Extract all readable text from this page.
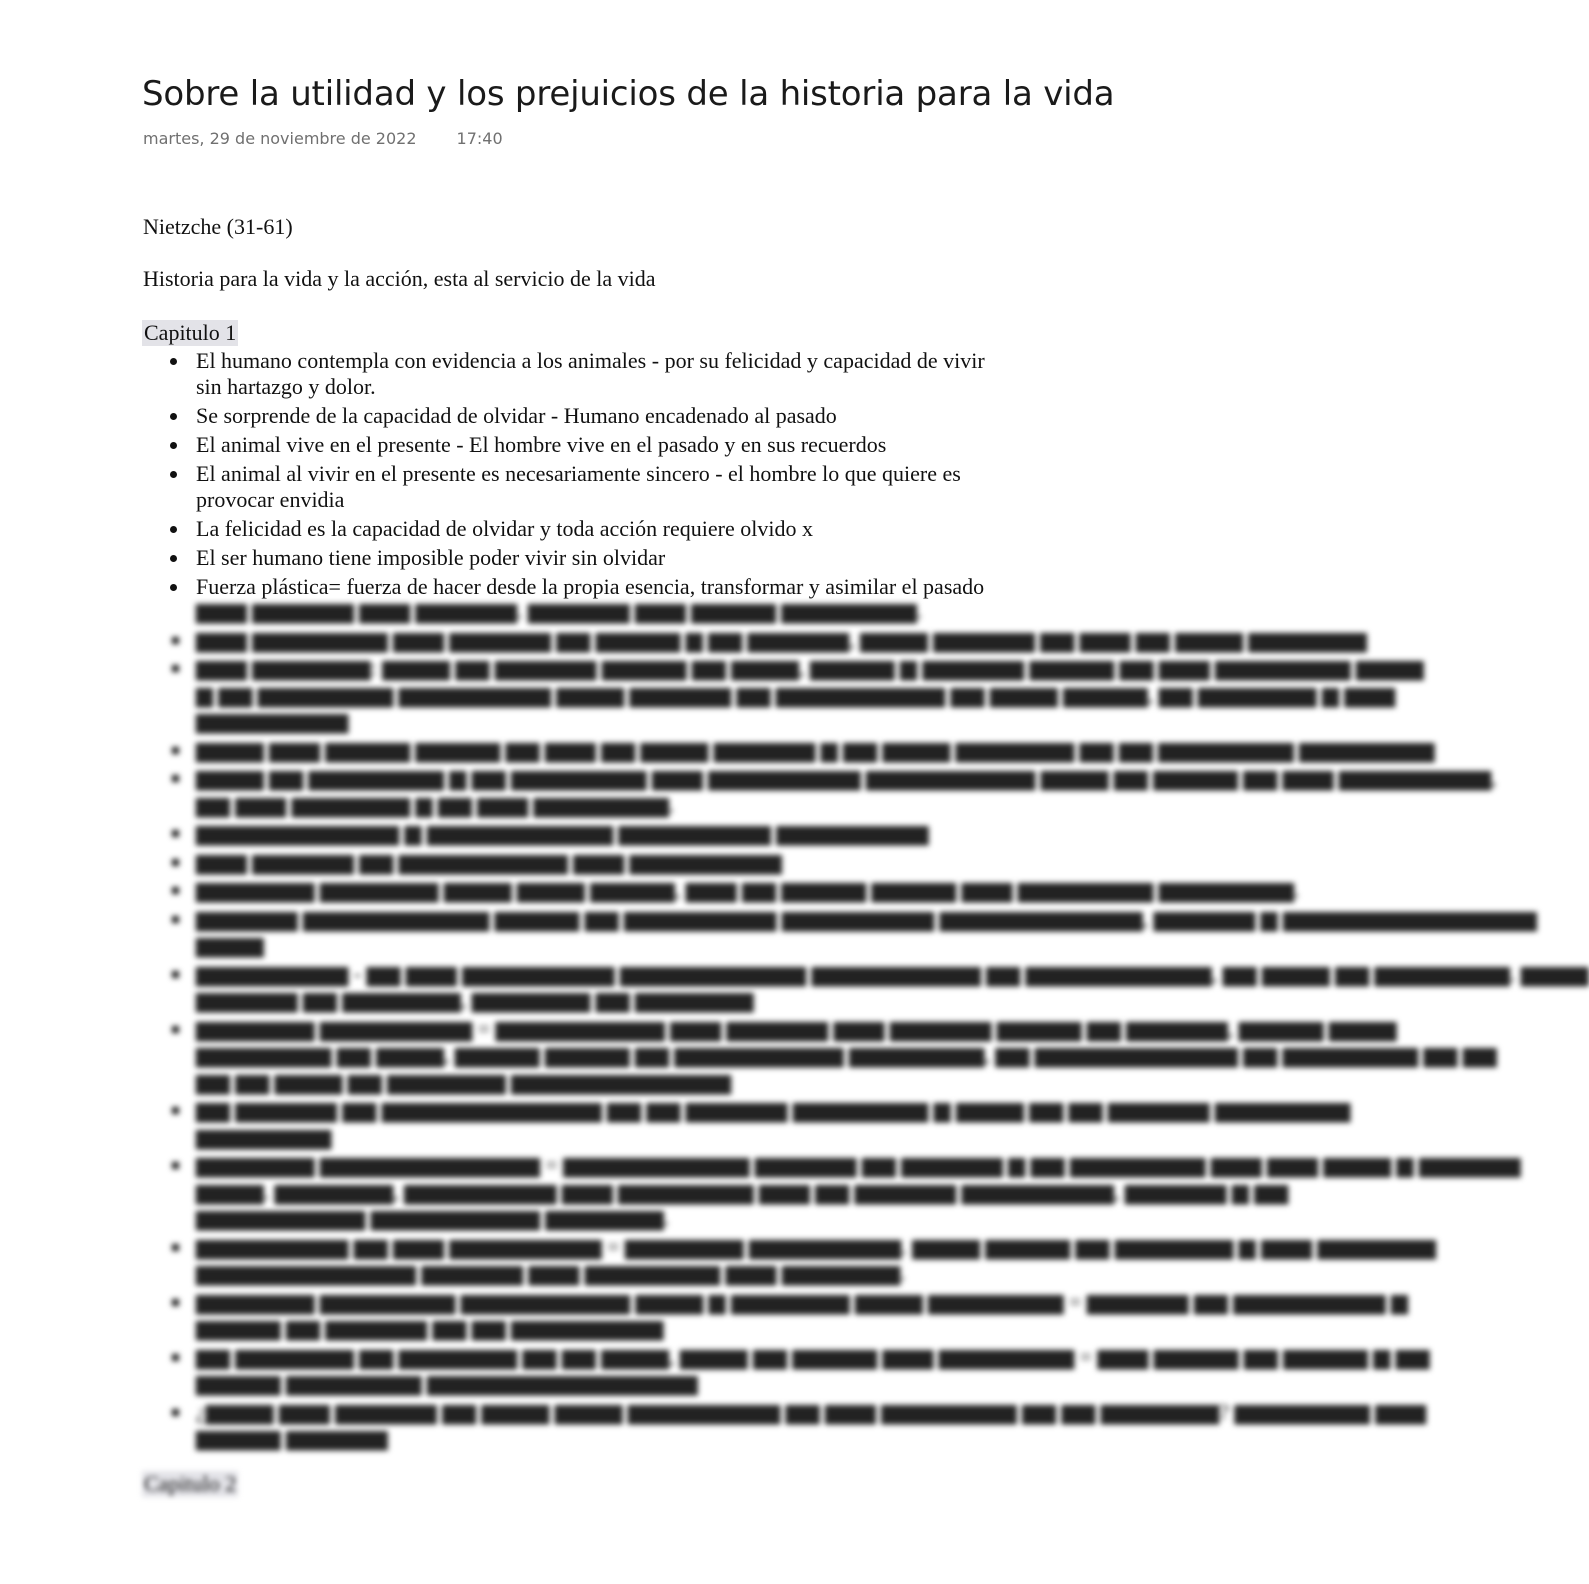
Sobre la utilidad y los prejuicios de la historia para la vida
martes, 29 de noviembre de 2022	17:40
Nietzche (31-61)
Historia para la vida y la acción, esta al servicio de la vida
Capitulo 1
El humano contempla con evidencia a los animales - por su felicidad y capacidad de vivir
sin hartazgo y dolor.
Se sorprende de la capacidad de olvidar - Humano encadenado al pasado
El animal vive en el presente - El hombre vive en el pasado y en sus recuerdos
El animal al vivir en el presente es necesariamente sincero - el hombre lo que quiere es
provocar envidia
La felicidad es la capacidad de olvidar y toda acción requiere olvido x
El ser humano tiene imposible poder vivir sin olvidar
Fuerza plástica= fuerza de hacer desde la propia esencia, transformar y asimilar el pasado
▆▆▆ ▆▆▆▆▆▆ ▆▆▆ ▆▆▆▆▆▆. ▆▆▆▆▆▆ ▆▆▆ ▆▆▆▆▆ ▆▆▆▆▆▆▆▆.
▆▆▆ ▆▆▆▆▆▆▆▆ ▆▆▆ ▆▆▆▆▆▆ ▆▆ ▆▆▆▆▆ ▆ ▆▆ ▆▆▆▆▆▆, ▆▆▆▆ ▆▆▆▆▆▆ ▆▆ ▆▆▆ ▆▆ ▆▆▆▆ ▆▆▆▆▆▆▆
▆▆▆ ▆▆▆▆▆▆▆: ▆▆▆▆ ▆▆ ▆▆▆▆▆▆ ▆▆▆▆▆ ▆▆ ▆▆▆▆, ▆▆▆▆▆ ▆ ▆▆▆▆▆▆ ▆▆▆▆▆ ▆▆ ▆▆▆ ▆▆▆▆▆▆▆▆ ▆▆▆▆
▆ ▆▆ ▆▆▆▆▆▆▆▆ ▆▆▆▆▆▆▆▆▆ ▆▆▆▆ ▆▆▆▆▆▆ ▆▆ ▆▆▆▆▆▆▆▆▆▆ ▆▆ ▆▆▆▆ ▆▆▆▆▆, ▆▆ ▆▆▆▆▆▆▆ ▆ ▆▆▆
▆▆▆▆▆▆▆▆▆
▆▆▆▆ ▆▆▆ ▆▆▆▆▆ ▆▆▆▆▆ ▆▆ ▆▆▆ ▆▆ ▆▆▆▆ ▆▆▆▆▆▆ ▆ ▆▆ ▆▆▆▆ ▆▆▆▆▆▆▆ ▆▆ ▆▆ ▆▆▆▆▆▆▆▆ ▆▆▆▆▆▆▆▆
▆▆▆▆ ▆▆ ▆▆▆▆▆▆▆▆ ▆ ▆▆ ▆▆▆▆▆▆▆▆ ▆▆▆ ▆▆▆▆▆▆▆▆▆ ▆▆▆▆▆▆▆▆▆▆ ▆▆▆▆ ▆▆ ▆▆▆▆▆ ▆▆ ▆▆▆ ▆▆▆▆▆▆▆▆▆,
▆▆ ▆▆▆ ▆▆▆▆▆▆▆ ▆ ▆▆ ▆▆▆ ▆▆▆▆▆▆▆▆.
▆▆▆▆▆▆▆▆▆▆▆▆ ▆ ▆▆▆▆▆▆▆▆▆▆▆ ▆▆▆▆▆▆▆▆▆ ▆▆▆▆▆▆▆▆▆
▆▆▆ ▆▆▆▆▆▆ ▆▆ ▆▆▆▆▆▆▆▆▆▆ ▆▆▆ ▆▆▆▆▆▆▆▆▆
▆▆▆▆▆▆▆ ▆▆▆▆▆▆▆ ▆▆▆▆ ▆▆▆▆ ▆▆▆▆▆, ▆▆▆ ▆▆ ▆▆▆▆▆ ▆▆▆▆▆ ▆▆▆ ▆▆▆▆▆▆▆▆ ▆▆▆▆▆▆▆▆.
▆▆▆▆▆▆ ▆▆▆▆▆▆▆▆▆▆▆ ▆▆▆▆▆ ▆▆ ▆▆▆▆▆▆▆▆▆ ▆▆▆▆▆▆▆▆▆ ▆▆▆▆▆▆▆▆▆▆▆▆, ▆▆▆▆▆▆ ▆ ▆▆▆▆▆▆▆▆▆▆▆▆▆▆▆
▆▆▆▆
▆▆▆▆▆▆▆▆▆ - ▆▆ ▆▆▆ ▆▆▆▆▆▆▆▆▆ ▆▆▆▆▆▆▆▆▆▆▆ ▆▆▆▆▆▆▆▆▆▆ ▆▆ ▆▆▆▆▆▆▆▆▆▆▆, ▆▆ ▆▆▆▆ ▆▆ ▆▆▆▆▆▆▆▆. ▆▆▆▆
▆▆▆▆▆▆ ▆▆ ▆▆▆▆▆▆▆, ▆▆▆▆▆▆▆ ▆▆ ▆▆▆▆▆▆▆
▆▆▆▆▆▆▆ ▆▆▆▆▆▆▆▆▆ = ▆▆▆▆▆▆▆▆▆▆ ▆▆▆ ▆▆▆▆▆▆ ▆▆▆ ▆▆▆▆▆▆ ▆▆▆▆▆ ▆▆ ▆▆▆▆▆▆, ▆▆▆▆▆ ▆▆▆▆
▆▆▆▆▆▆▆▆ ▆▆ ▆▆▆▆, ▆▆▆▆▆ ▆▆▆▆▆ ▆▆ ▆▆▆▆▆▆▆▆▆▆ ▆▆▆▆▆▆▆▆, ▆▆ ▆▆▆▆▆▆▆▆▆▆▆▆ ▆▆ ▆▆▆▆▆▆▆▆ ▆▆ ▆▆
▆▆ ▆▆ ▆▆▆▆ ▆▆ ▆▆▆▆▆▆▆ ▆▆▆▆▆▆▆▆▆▆▆▆▆
▆▆ ▆▆▆▆▆▆ ▆▆ ▆▆▆▆▆▆▆▆▆▆▆▆▆ ▆▆ ▆▆ ▆▆▆▆▆▆ ▆▆▆▆▆▆▆▆ ▆ ▆▆▆▆ ▆▆ ▆▆ ▆▆▆▆▆▆ ▆▆▆▆▆▆▆▆
▆▆▆▆▆▆▆▆
▆▆▆▆▆▆▆ ▆▆▆▆▆▆▆▆▆▆▆▆▆ = ▆▆▆▆▆▆▆▆▆▆▆ ▆▆▆▆▆▆ ▆▆ ▆▆▆▆▆▆ ▆ ▆▆ ▆▆▆▆▆▆▆▆ ▆▆▆ ▆▆▆ ▆▆▆▆ ▆ ▆▆▆▆▆▆
▆▆▆▆. ▆▆▆▆▆▆▆, ▆▆▆▆▆▆▆▆▆ ▆▆▆ ▆▆▆▆▆▆▆▆ ▆▆▆ ▆▆ ▆▆▆▆▆▆ ▆▆▆▆▆▆▆▆▆, ▆▆▆▆▆▆ ▆ ▆▆
▆▆▆▆▆▆▆▆▆▆ ▆▆▆▆▆▆▆▆▆▆ ▆▆▆▆▆▆▆.
▆▆▆▆▆▆▆▆▆ ▆▆ ▆▆▆ ▆▆▆▆▆▆▆▆▆ = ▆▆▆▆▆▆▆ ▆▆▆▆▆▆▆▆▆. ▆▆▆▆ ▆▆▆▆▆ ▆▆ ▆▆▆▆▆▆▆ ▆ ▆▆▆ ▆▆▆▆▆▆▆
▆▆▆▆▆▆▆▆▆▆▆▆▆ ▆▆▆▆▆▆ ▆▆▆ ▆▆▆▆▆▆▆▆ ▆▆▆ ▆▆▆▆▆▆▆.
▆▆▆▆▆▆▆ ▆▆▆▆▆▆▆▆ ▆▆▆▆▆▆▆▆▆▆ ▆▆▆▆ ▆ ▆▆▆▆▆▆▆ ▆▆▆▆ ▆▆▆▆▆▆▆▆ = ▆▆▆▆▆▆ ▆▆ ▆▆▆▆▆▆▆▆▆ ▆
▆▆▆▆▆ ▆▆ ▆▆▆▆▆▆ ▆▆ ▆▆ ▆▆▆▆▆▆▆▆▆
▆▆ ▆▆▆▆▆▆▆ ▆▆ ▆▆▆▆▆▆▆ ▆▆ ▆▆ ▆▆▆▆, ▆▆▆▆ ▆▆ ▆▆▆▆▆ ▆▆▆ ▆▆▆▆▆▆▆▆ = ▆▆▆ ▆▆▆▆▆ ▆▆ ▆▆▆▆▆ ▆ ▆▆
▆▆▆▆▆ ▆▆▆▆▆▆▆▆ ▆▆▆▆▆▆▆▆▆▆▆▆▆▆▆▆
¿▆▆▆▆ ▆▆▆ ▆▆▆▆▆▆ ▆▆ ▆▆▆▆ ▆▆▆▆ ▆▆▆▆▆▆▆▆▆ ▆▆ ▆▆▆ ▆▆▆▆▆▆▆▆ ▆▆ ▆▆ ▆▆▆▆▆▆▆? ▆▆▆▆▆▆▆▆ ▆▆▆
▆▆▆▆▆ ▆▆▆▆▆▆
Capitulo 2
